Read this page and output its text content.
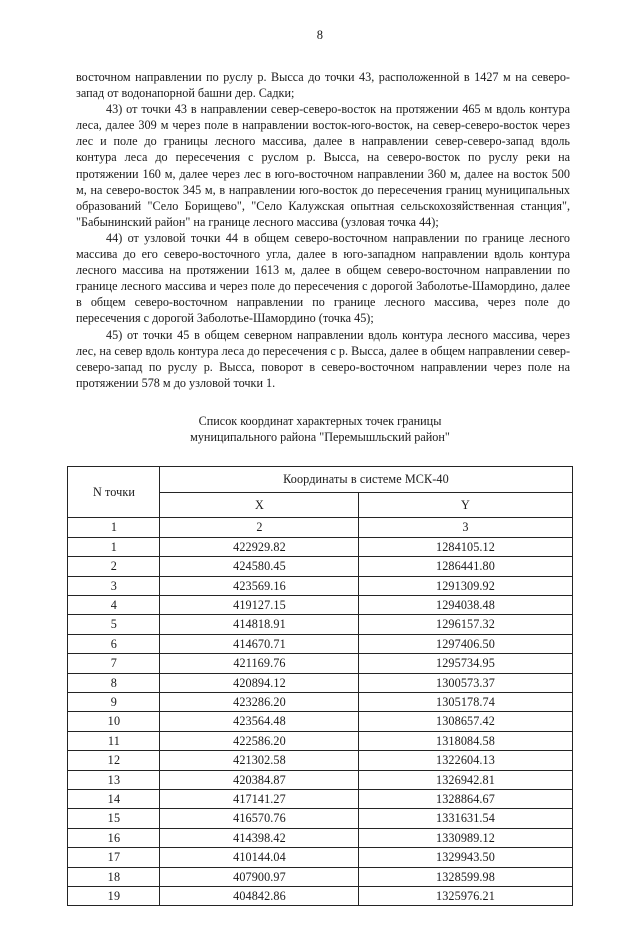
8

восточном направлении по руслу р. Высса до точки 43, расположенной в 1427 м на северо-запад от водонапорной башни дер. Садки;

43) от точки 43 в направлении север-северо-восток на протяжении 465 м вдоль контура леса, далее 309 м через поле в направлении восток-юго-восток, на север-северо-восток через лес и поле до границы лесного массива, далее в направлении север-северо-запад вдоль контура леса до пересечения с руслом р. Высса, на северо-восток по руслу реки на протяжении 160 м, далее через лес в юго-восточном направлении 360 м, далее на восток 500 м, на северо-восток 345 м, в направлении юго-восток до пересечения границ муниципальных образований "Село Борищево", "Село Калужская опытная сельскохозяйственная станция", "Бабынинский район" на границе лесного массива (узловая точка 44);

44) от узловой точки 44 в общем северо-восточном направлении по границе лесного массива до его северо-восточного угла, далее в юго-западном направлении вдоль контура лесного массива на протяжении 1613 м, далее в общем северо-восточном направлении по границе лесного массива и через поле до пересечения с дорогой Заболотье-Шамордино, далее в общем северо-восточном направлении по границе лесного массива, через поле до пересечения с дорогой Заболотье-Шамордино (точка 45);

45) от точки 45 в общем северном направлении вдоль контура лесного массива, через лес, на север вдоль контура леса до пересечения с р. Высса, далее в общем направлении север-северо-запад по руслу р. Высса, поворот в северо-восточном направлении через поле на протяжении 578 м до узловой точки 1.

Список координат характерных точек границы
муниципального района "Перемышльский район"
N точки	Координаты в системе МСК-40	
	X	Y
1	2	3
1	422929.82	1284105.12
2	424580.45	1286441.80
3	423569.16	1291309.92
4	419127.15	1294038.48
5	414818.91	1296157.32
6	414670.71	1297406.50
7	421169.76	1295734.95
8	420894.12	1300573.37
9	423286.20	1305178.74
10	423564.48	1308657.42
11	422586.20	1318084.58
12	421302.58	1322604.13
13	420384.87	1326942.81
14	417141.27	1328864.67
15	416570.76	1331631.54
16	414398.42	1330989.12
17	410144.04	1329943.50
18	407900.97	1328599.98
19	404842.86	1325976.21
